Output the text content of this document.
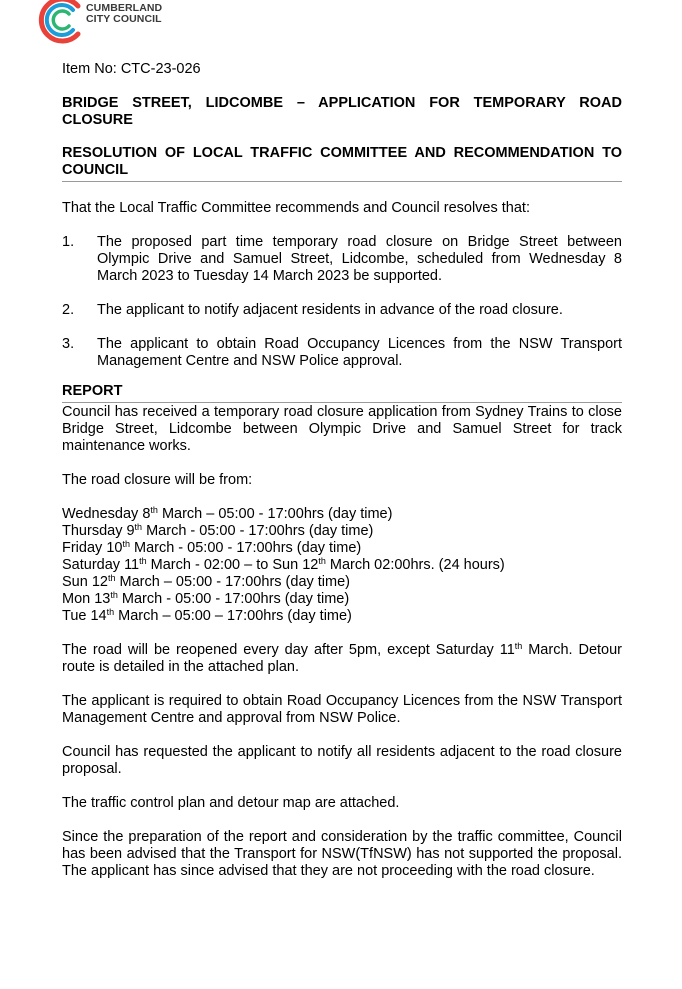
CUMBERLAND
CITY COUNCIL

Item No: CTC-23-026

BRIDGE STREET, LIDCOMBE – APPLICATION FOR TEMPORARY ROAD CLOSURE

RESOLUTION OF LOCAL TRAFFIC COMMITTEE AND RECOMMENDATION TO COUNCIL

That the Local Traffic Committee recommends and Council resolves that:

1. The proposed part time temporary road closure on Bridge Street between Olympic Drive and Samuel Street, Lidcombe, scheduled from Wednesday 8 March 2023 to Tuesday 14 March 2023 be supported.
2. The applicant to notify adjacent residents in advance of the road closure.
3. The applicant to obtain Road Occupancy Licences from the NSW Transport Management Centre and NSW Police approval.

REPORT

Council has received a temporary road closure application from Sydney Trains to close Bridge Street, Lidcombe between Olympic Drive and Samuel Street for track maintenance works.

The road closure will be from:

Wednesday 8th March – 05:00 - 17:00hrs (day time)

Thursday 9th March - 05:00 - 17:00hrs (day time)

Friday 10th March - 05:00 - 17:00hrs (day time)

Saturday 11th March - 02:00 – to Sun 12th March 02:00hrs. (24 hours)

Sun 12th March – 05:00 - 17:00hrs (day time)

Mon 13th March - 05:00 - 17:00hrs (day time)

Tue 14th March – 05:00 – 17:00hrs (day time)

The road will be reopened every day after 5pm, except Saturday 11th March. Detour route is detailed in the attached plan.

The applicant is required to obtain Road Occupancy Licences from the NSW Transport Management Centre and approval from NSW Police.

Council has requested the applicant to notify all residents adjacent to the road closure proposal.

The traffic control plan and detour map are attached.

Since the preparation of the report and consideration by the traffic committee, Council has been advised that the Transport for NSW(TfNSW) has not supported the proposal. The applicant has since advised that they are not proceeding with the road closure.
